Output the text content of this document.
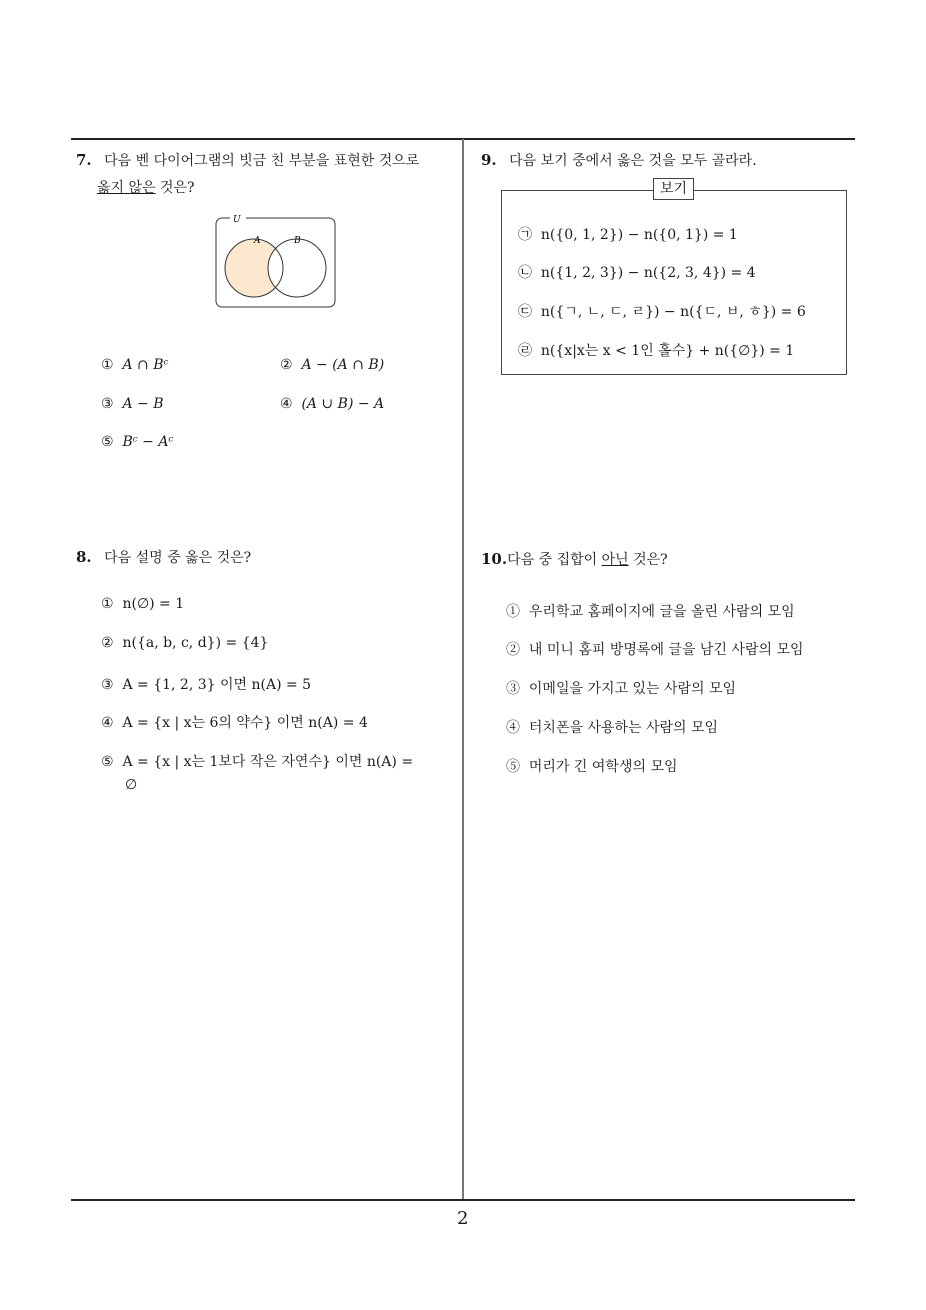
7. 다음 벤 다이어그램의 빗금 친 부분을 표현한 것으로
옳지 않은 것은?
U
A	B
① A ∩ Bᶜ	② A − (A ∩ B)
③ A − B	④ (A ∪ B) − A
⑤ Bᶜ − Aᶜ
8. 다음 설명 중 옳은 것은?
① n(∅) = 1
② n({a, b, c, d}) = {4}
③ A = {1, 2, 3} 이면 n(A) = 5
④ A = {x | x는 6의 약수} 이면 n(A) = 4
⑤ A = {x | x는 1보다 작은 자연수} 이면 n(A) =
∅
9. 다음 보기 중에서 옳은 것을 모두 골라라.
보기
㉠ n({0, 1, 2}) − n({0, 1}) = 1
㉡ n({1, 2, 3}) − n({2, 3, 4}) = 4
㉢ n({ㄱ, ㄴ, ㄷ, ㄹ}) − n({ㄷ, ㅂ, ㅎ}) = 6
㉣ n({x|x는 x < 1인 홀수} + n({∅}) = 1
10.다음 중 집합이 아닌 것은?
① 우리학교 홈페이지에 글을 올린 사람의 모임
② 내 미니 홈피 방명록에 글을 남긴 사람의 모임
③ 이메일을 가지고 있는 사람의 모임
④ 터치폰을 사용하는 사람의 모임
⑤ 머리가 긴 여학생의 모임
2
